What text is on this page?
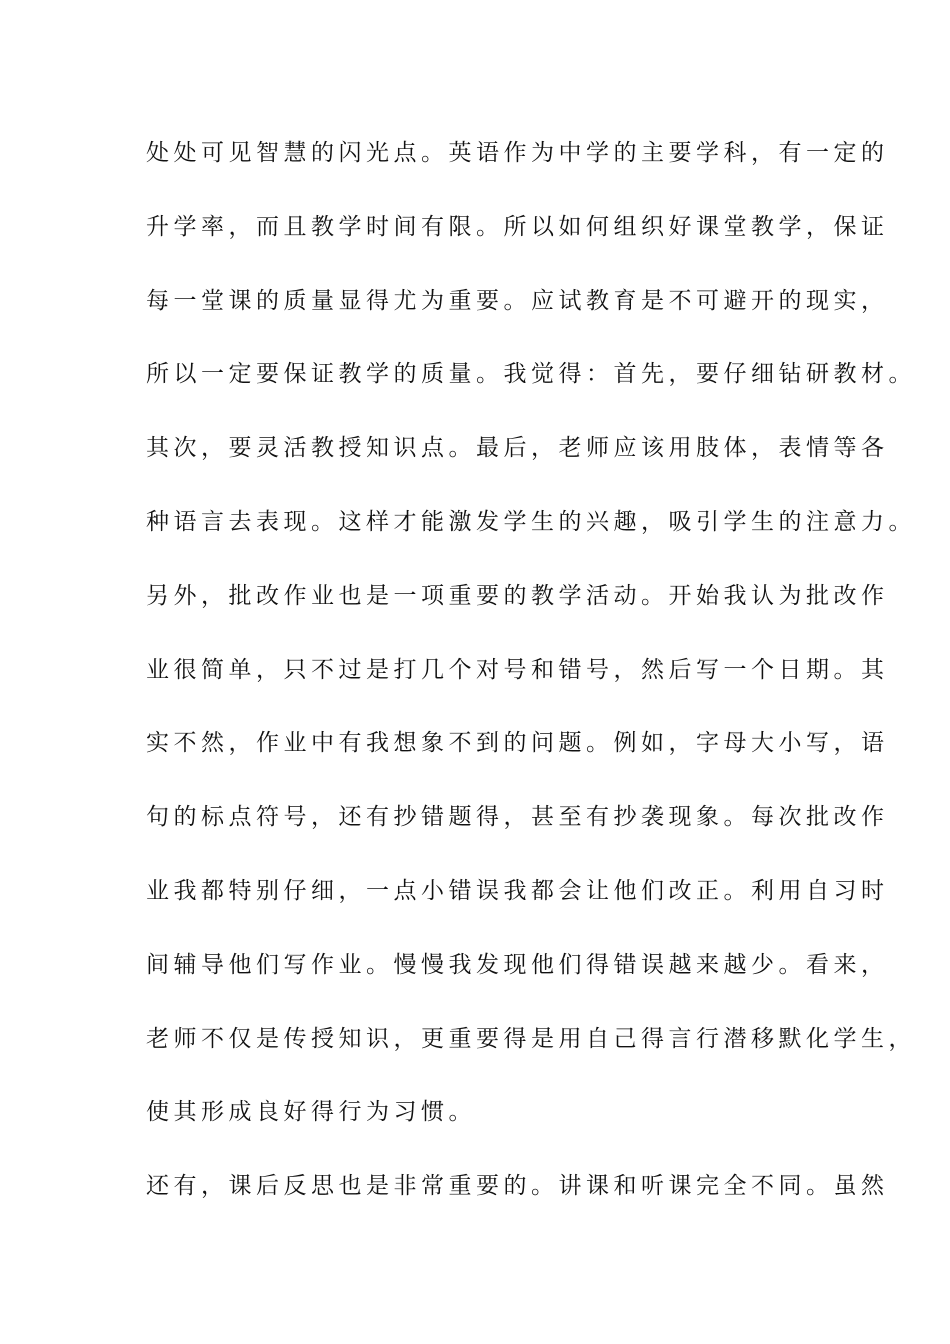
处处可见智慧的闪光点。英语作为中学的主要学科，有一定的
升学率，而且教学时间有限。所以如何组织好课堂教学，保证
每一堂课的质量显得尤为重要。应试教育是不可避开的现实，
所以一定要保证教学的质量。我觉得：首先，要仔细钻研教材。
其次，要灵活教授知识点。最后，老师应该用肢体，表情等各
种语言去表现。这样才能激发学生的兴趣，吸引学生的注意力。
另外，批改作业也是一项重要的教学活动。开始我认为批改作
业很简单，只不过是打几个对号和错号，然后写一个日期。其
实不然，作业中有我想象不到的问题。例如，字母大小写，语
句的标点符号，还有抄错题得，甚至有抄袭现象。每次批改作
业我都特别仔细，一点小错误我都会让他们改正。利用自习时
间辅导他们写作业。慢慢我发现他们得错误越来越少。看来，
老师不仅是传授知识，更重要得是用自己得言行潜移默化学生，
使其形成良好得行为习惯。
还有，课后反思也是非常重要的。讲课和听课完全不同。虽然
